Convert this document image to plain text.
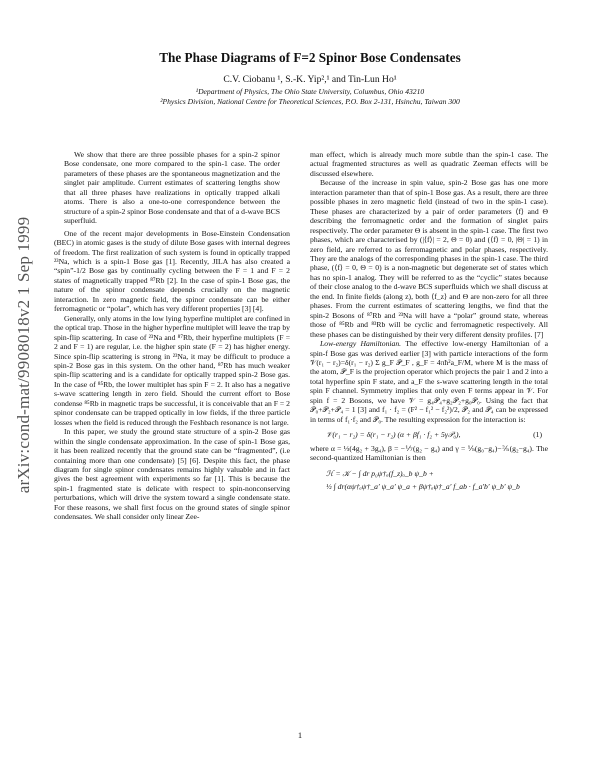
arXiv:cond-mat/9908018v2 1 Sep 1999
The Phase Diagrams of F=2 Spinor Bose Condensates
C.V. Ciobanu ¹, S.-K. Yip²,¹ and Tin-Lun Ho¹
¹Department of Physics, The Ohio State University, Columbus, Ohio 43210
²Physics Division, National Centre for Theoretical Sciences, P.O. Box 2-131, Hsinchu, Taiwan 300

We show that there are three possible phases for a spin-2 spinor Bose condensate, one more compared to the spin-1 case. The order parameters of these phases are the spontaneous magnetization and the singlet pair amplitude. Current estimates of scattering lengths show that all three phases have realizations in optically trapped alkali atoms. There is also a one-to-one correspondence between the structure of a spin-2 spinor Bose condensate and that of a d-wave BCS superfluid.

One of the recent major developments in Bose-Einstein Condensation (BEC) in atomic gases is the study of dilute Bose gases with internal degrees of freedom. The first realization of such system is found in optically trapped ²³Na, which is a spin-1 Bose gas [1]. Recently, JILA has also created a “spin”-1/2 Bose gas by continually cycling between the F = 1 and F = 2 states of magnetically trapped ⁸⁷Rb [2]. In the case of spin-1 Bose gas, the nature of the spinor condensate depends crucially on the magnetic interaction. In zero magnetic field, the spinor condensate can be either ferromagnetic or “polar”, which has very different properties [3] [4].

Generally, only atoms in the low lying hyperfine multiplet are confined in the optical trap. Those in the higher hyperfine multiplet will leave the trap by spin-flip scattering. In case of ²³Na and ⁸⁷Rb, their hyperfine multiplets (F = 2 and F = 1) are regular, i.e. the higher spin state (F = 2) has higher energy. Since spin-flip scattering is strong in ²³Na, it may be difficult to produce a spin-2 Bose gas in this system. On the other hand, ⁸⁷Rb has much weaker spin-flip scattering and is a candidate for optically trapped spin-2 Bose gas. In the case of ⁸⁵Rb, the lower multiplet has spin F = 2. It also has a negative s-wave scattering length in zero field. Should the current effort to Bose condense ⁸⁵Rb in magnetic traps be successful, it is conceivable that an F = 2 spinor condensate can be trapped optically in low fields, if the three particle losses when the field is reduced through the Feshbach resonance is not large.

In this paper, we study the ground state structure of a spin-2 Bose gas within the single condensate approximation. In the case of spin-1 Bose gas, it has been realized recently that the ground state can be “fragmented”, (i.e containing more than one condensate) [5] [6]. Despite this fact, the phase diagram for single spinor condensates remains highly valuable and in fact gives the best agreement with experiments so far [1]. This is because the spin-1 fragmented state is delicate with respect to spin-nonconserving perturbations, which will drive the system toward a single condensate state. For these reasons, we shall first focus on the ground states of single spinor condensates. We shall consider only linear Zee-

man effect, which is already much more subtle than the spin-1 case. The actual fragmented structures as well as quadratic Zeeman effects will be discussed elsewhere.

Because of the increase in spin value, spin-2 Bose gas has one more interaction parameter than that of spin-1 Bose gas. As a result, there are three possible phases in zero magnetic field (instead of two in the spin-1 case). These phases are characterized by a pair of order parameters ⟨f⟩ and Θ describing the ferromagnetic order and the formation of singlet pairs respectively. The order parameter Θ is absent in the spin-1 case. The first two phases, which are characterised by (|⟨f⟩| = 2, Θ = 0) and (⟨f⟩ = 0, |Θ| = 1) in zero field, are referred to as ferromagnetic and polar phases, respectively. They are the analogs of the corresponding phases in the spin-1 case. The third phase, (⟨f⟩ = 0, Θ = 0) is a non-magnetic but degenerate set of states which has no spin-1 analog. They will be referred to as the “cyclic” states because of their close analog to the d-wave BCS superfluids which we shall discuss at the end. In finite fields (along z), both ⟨f_z⟩ and Θ are non-zero for all three phases. From the current estimates of scattering lengths, we find that the spin-2 Bosons of ⁸⁷Rb and ²³Na will have a “polar” ground state, whereas those of ⁸⁵Rb and ⁸³Rb will be cyclic and ferromagnetic respectively. All these phases can be distinguished by their very different density profiles. [7]

Low-energy Hamiltonian. The effective low-energy Hamiltonian of a spin-f Bose gas was derived earlier [3] with particle interactions of the form 𝒱(r₁ − r₂)=δ(r₁ − r₂) Σ g_F 𝒫_F , g_F = 4πħ²a_F/M, where M is the mass of the atom, 𝒫_F is the projection operator which projects the pair 1 and 2 into a total hyperfine spin F state, and a_F the s-wave scattering length in the total spin F channel. Symmetry implies that only even F terms appear in 𝒱. For spin f = 2 Bosons, we have 𝒱 = g₄𝒫₄+g₂𝒫₂+g₀𝒫₀. Using the fact that 𝒫₀+𝒫₂+𝒫₄ = 1 [3] and f₁ · f₂ = (F² − f₁² − f₂²)/2, 𝒫₂ and 𝒫₄ can be expressed in terms of f₁·f₂ and 𝒫₀. The resulting expression for the interaction is:

𝒱(r₁ − r₂) = δ(r₁ − r₂) (α + βf₁ · f₂ + 5γ𝒫₀),	(1)

where α = ⅓(4g₂ + 3g₄), β = −⅐(g₂ − g₄) and γ = ⅕(g₀−g₄)−⅖(g₂−g₄). The second-quantized Hamiltonian is then

ℋ = 𝒦 − ∫ dr p₀ψ†ₐ(f_z)ₐ_b ψ_b +
½ ∫ dr(αψ†ₐψ†_a′ ψ_a′ ψ_a + βψ†ₐψ†_a′ f_ab · f_a′b′ ψ_b′ ψ_b
1
